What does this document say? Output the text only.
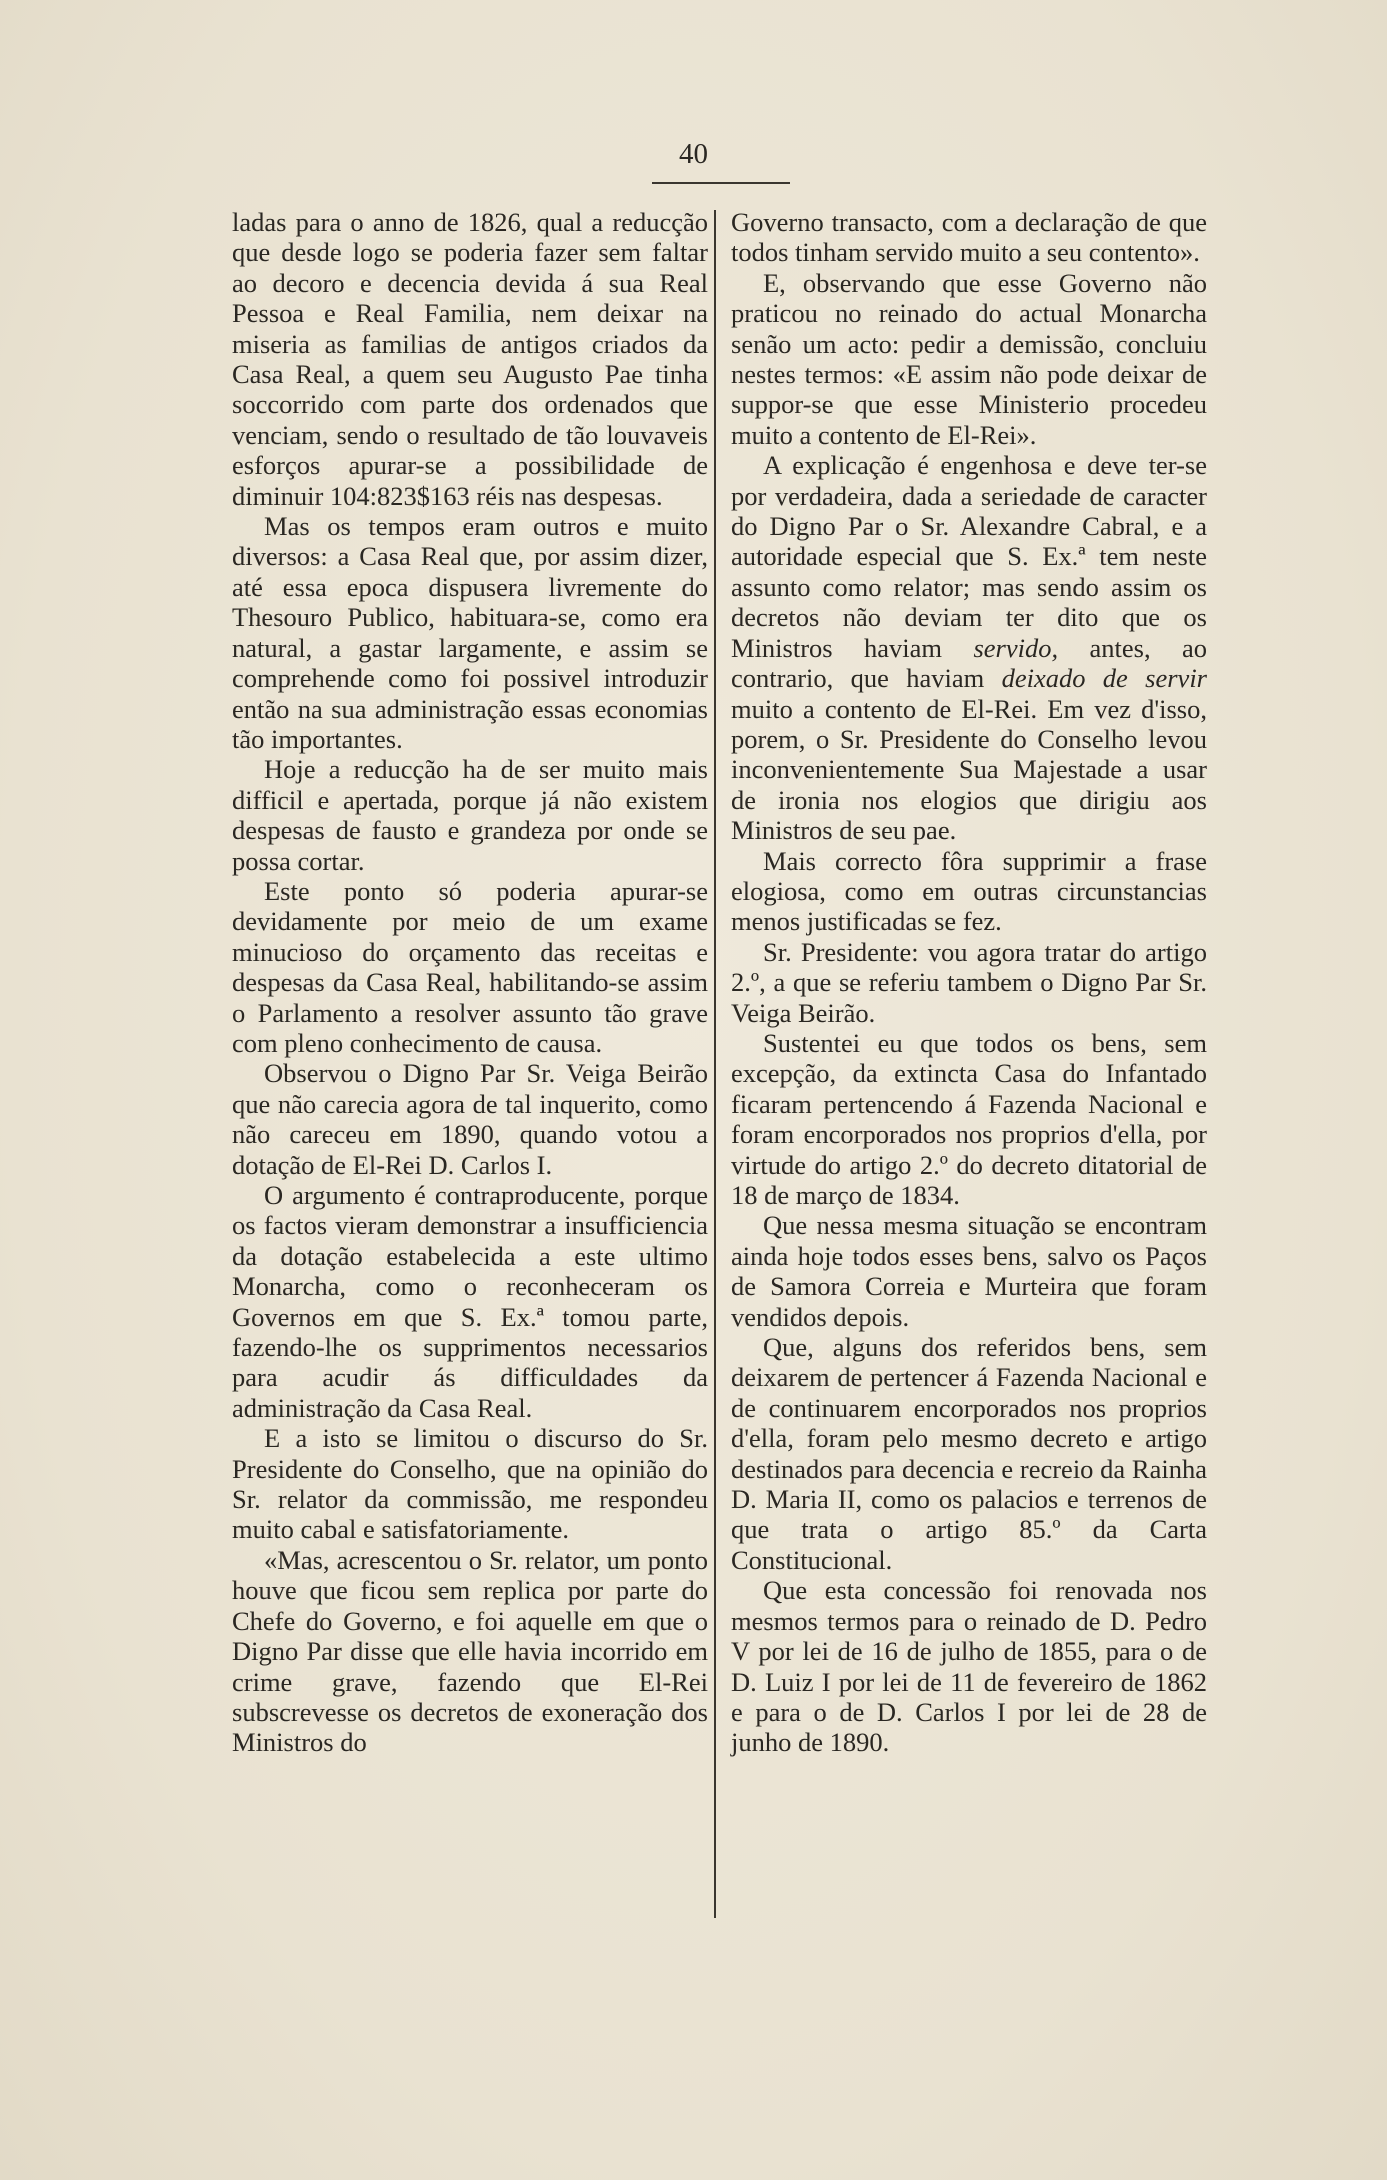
40

ladas para o anno de 1826, qual a reducção que desde logo se poderia fazer sem faltar ao decoro e decencia devida á sua Real Pessoa e Real Familia, nem deixar na miseria as familias de antigos criados da Casa Real, a quem seu Augusto Pae tinha soccorrido com parte dos ordenados que venciam, sendo o resultado de tão louvaveis esforços apurar-se a possibilidade de diminuir 104:823$163 réis nas despesas.

Mas os tempos eram outros e muito diversos: a Casa Real que, por assim dizer, até essa epoca dispusera livremente do Thesouro Publico, habituara-se, como era natural, a gastar largamente, e assim se comprehende como foi possivel introduzir então na sua administração essas economias tão importantes.

Hoje a reducção ha de ser muito mais difficil e apertada, porque já não existem despesas de fausto e grandeza por onde se possa cortar.

Este ponto só poderia apurar-se devidamente por meio de um exame minucioso do orçamento das receitas e despesas da Casa Real, habilitando-se assim o Parlamento a resolver assunto tão grave com pleno conhecimento de causa.

Observou o Digno Par Sr. Veiga Beirão que não carecia agora de tal inquerito, como não careceu em 1890, quando votou a dotação de El-Rei D. Carlos I.

O argumento é contraproducente, porque os factos vieram demonstrar a insufficiencia da dotação estabelecida a este ultimo Monarcha, como o reconheceram os Governos em que S. Ex.ª tomou parte, fazendo-lhe os supprimentos necessarios para acudir ás difficuldades da administração da Casa Real.

E a isto se limitou o discurso do Sr. Presidente do Conselho, que na opinião do Sr. relator da commissão, me respondeu muito cabal e satisfatoriamente.

«Mas, acrescentou o Sr. relator, um ponto houve que ficou sem replica por parte do Chefe do Governo, e foi aquelle em que o Digno Par disse que elle havia incorrido em crime grave, fazendo que El-Rei subscrevesse os decretos de exoneração dos Ministros do

Governo transacto, com a declaração de que todos tinham servido muito a seu contento».

E, observando que esse Governo não praticou no reinado do actual Monarcha senão um acto: pedir a demissão, concluiu nestes termos: «E assim não pode deixar de suppor-se que esse Ministerio procedeu muito a contento de El-Rei».

A explicação é engenhosa e deve ter-se por verdadeira, dada a seriedade de caracter do Digno Par o Sr. Alexandre Cabral, e a autoridade especial que S. Ex.ª tem neste assunto como relator; mas sendo assim os decretos não deviam ter dito que os Ministros haviam servido, antes, ao contrario, que haviam deixado de servir muito a contento de El-Rei. Em vez d'isso, porem, o Sr. Presidente do Conselho levou inconvenientemente Sua Majestade a usar de ironia nos elogios que dirigiu aos Ministros de seu pae.

Mais correcto fôra supprimir a frase elogiosa, como em outras circunstancias menos justificadas se fez.

Sr. Presidente: vou agora tratar do artigo 2.º, a que se referiu tambem o Digno Par Sr. Veiga Beirão.

Sustentei eu que todos os bens, sem excepção, da extincta Casa do Infantado ficaram pertencendo á Fazenda Nacional e foram encorporados nos proprios d'ella, por virtude do artigo 2.º do decreto ditatorial de 18 de março de 1834.

Que nessa mesma situação se encontram ainda hoje todos esses bens, salvo os Paços de Samora Correia e Murteira que foram vendidos depois.

Que, alguns dos referidos bens, sem deixarem de pertencer á Fazenda Nacional e de continuarem encorporados nos proprios d'ella, foram pelo mesmo decreto e artigo destinados para decencia e recreio da Rainha D. Maria II, como os palacios e terrenos de que trata o artigo 85.º da Carta Constitucional.

Que esta concessão foi renovada nos mesmos termos para o reinado de D. Pedro V por lei de 16 de julho de 1855, para o de D. Luiz I por lei de 11 de fevereiro de 1862 e para o de D. Carlos I por lei de 28 de junho de 1890.
